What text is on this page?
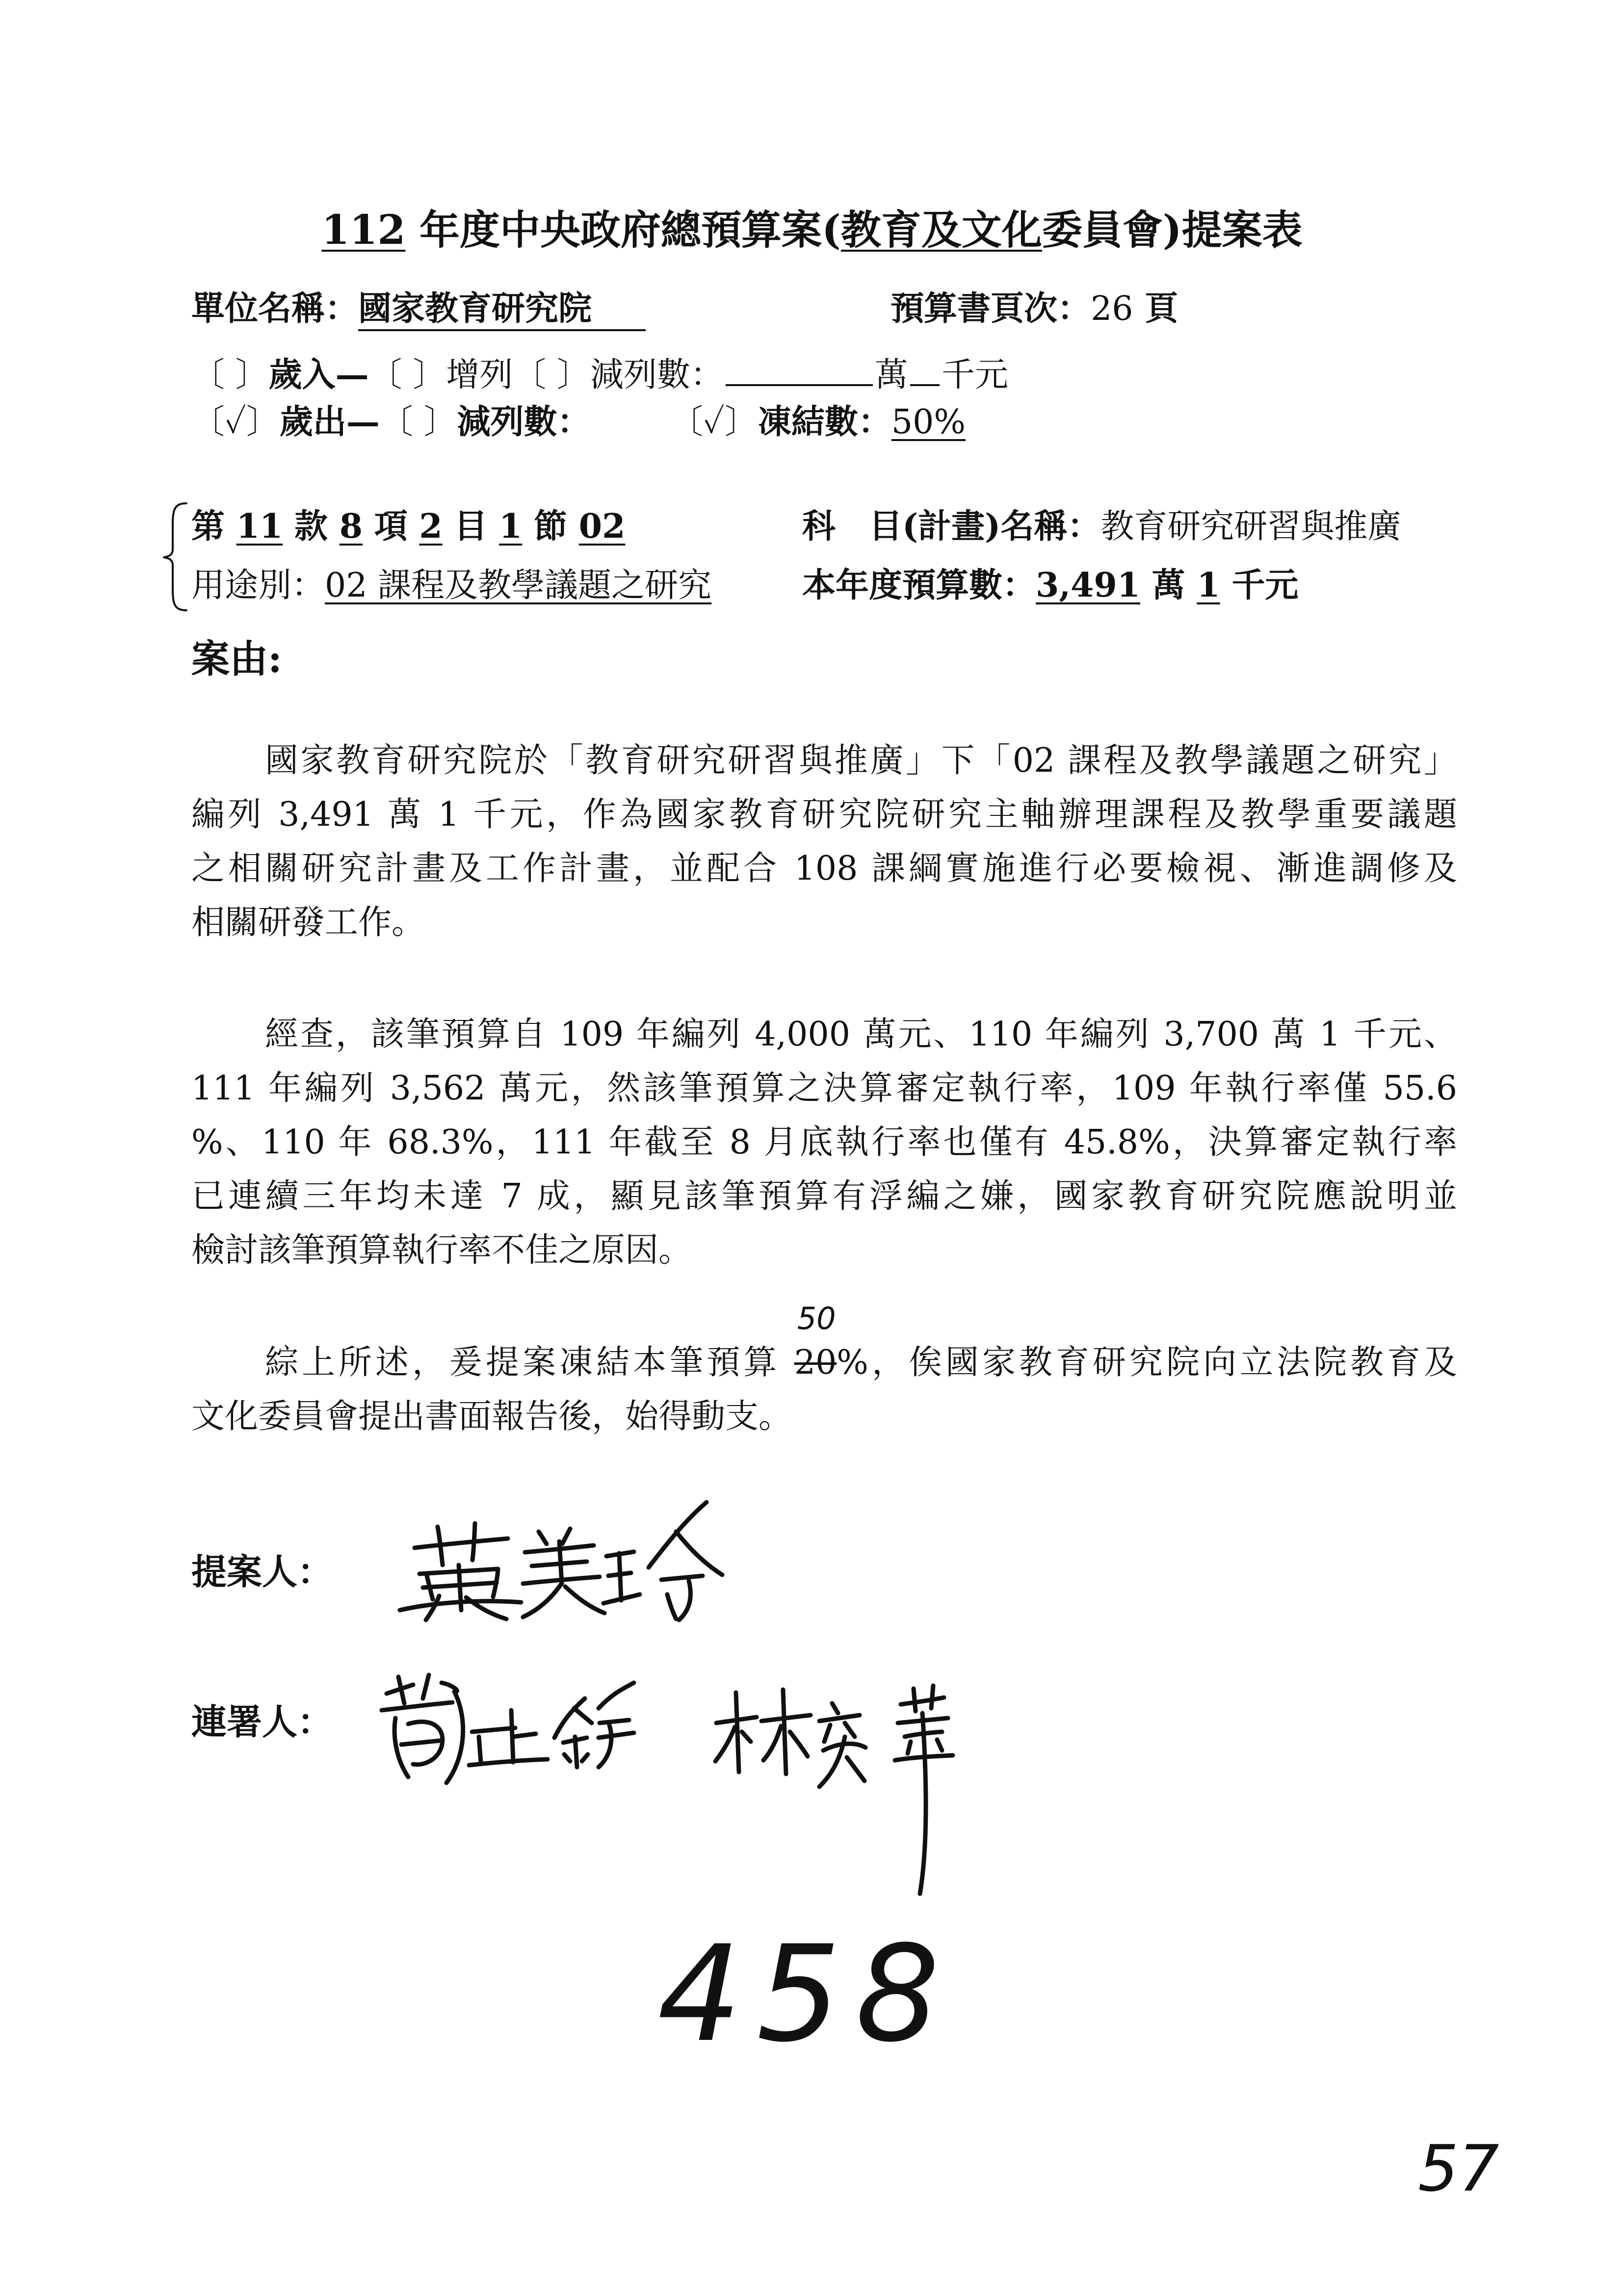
112 年度中央政府總預算案(教育及文化委員會)提案表
單位名稱：國家教育研究院	預算書頁次：26 頁
〔 〕歲入—〔 〕增列〔 〕減列數：	萬 千元
〔✓〕歲出—〔 〕減列數： 〔✓〕凍結數：50%
第 11 款 8 項 2 目 1 節 02	科　目(計畫)名稱：教育研究研習與推廣
用途別：02 課程及教學議題之研究	本年度預算數：3,491 萬 1 千元
案由:
國家教育研究院於「教育研究研習與推廣」下「02 課程及教學議題之研究」
編列 3,491 萬 1 千元，作為國家教育研究院研究主軸辦理課程及教學重要議題
之相關研究計畫及工作計畫，並配合 108 課綱實施進行必要檢視、漸進調修及
相關研發工作。
經查，該筆預算自 109 年編列 4,000 萬元、110 年編列 3,700 萬 1 千元、
111 年編列 3,562 萬元，然該筆預算之決算審定執行率，109 年執行率僅 55.6
%、110 年 68.3%，111 年截至 8 月底執行率也僅有 45.8%，決算審定執行率
已連續三年均未達 7 成，顯見該筆預算有浮編之嫌，國家教育研究院應說明並
檢討該筆預算執行率不佳之原因。
綜上所述，爰提案凍結本筆預算 20
50
%，俟國家教育研究院向立法院教育及
文化委員會提出書面報告後，始得動支。
提案人：
連署人：
458
57
